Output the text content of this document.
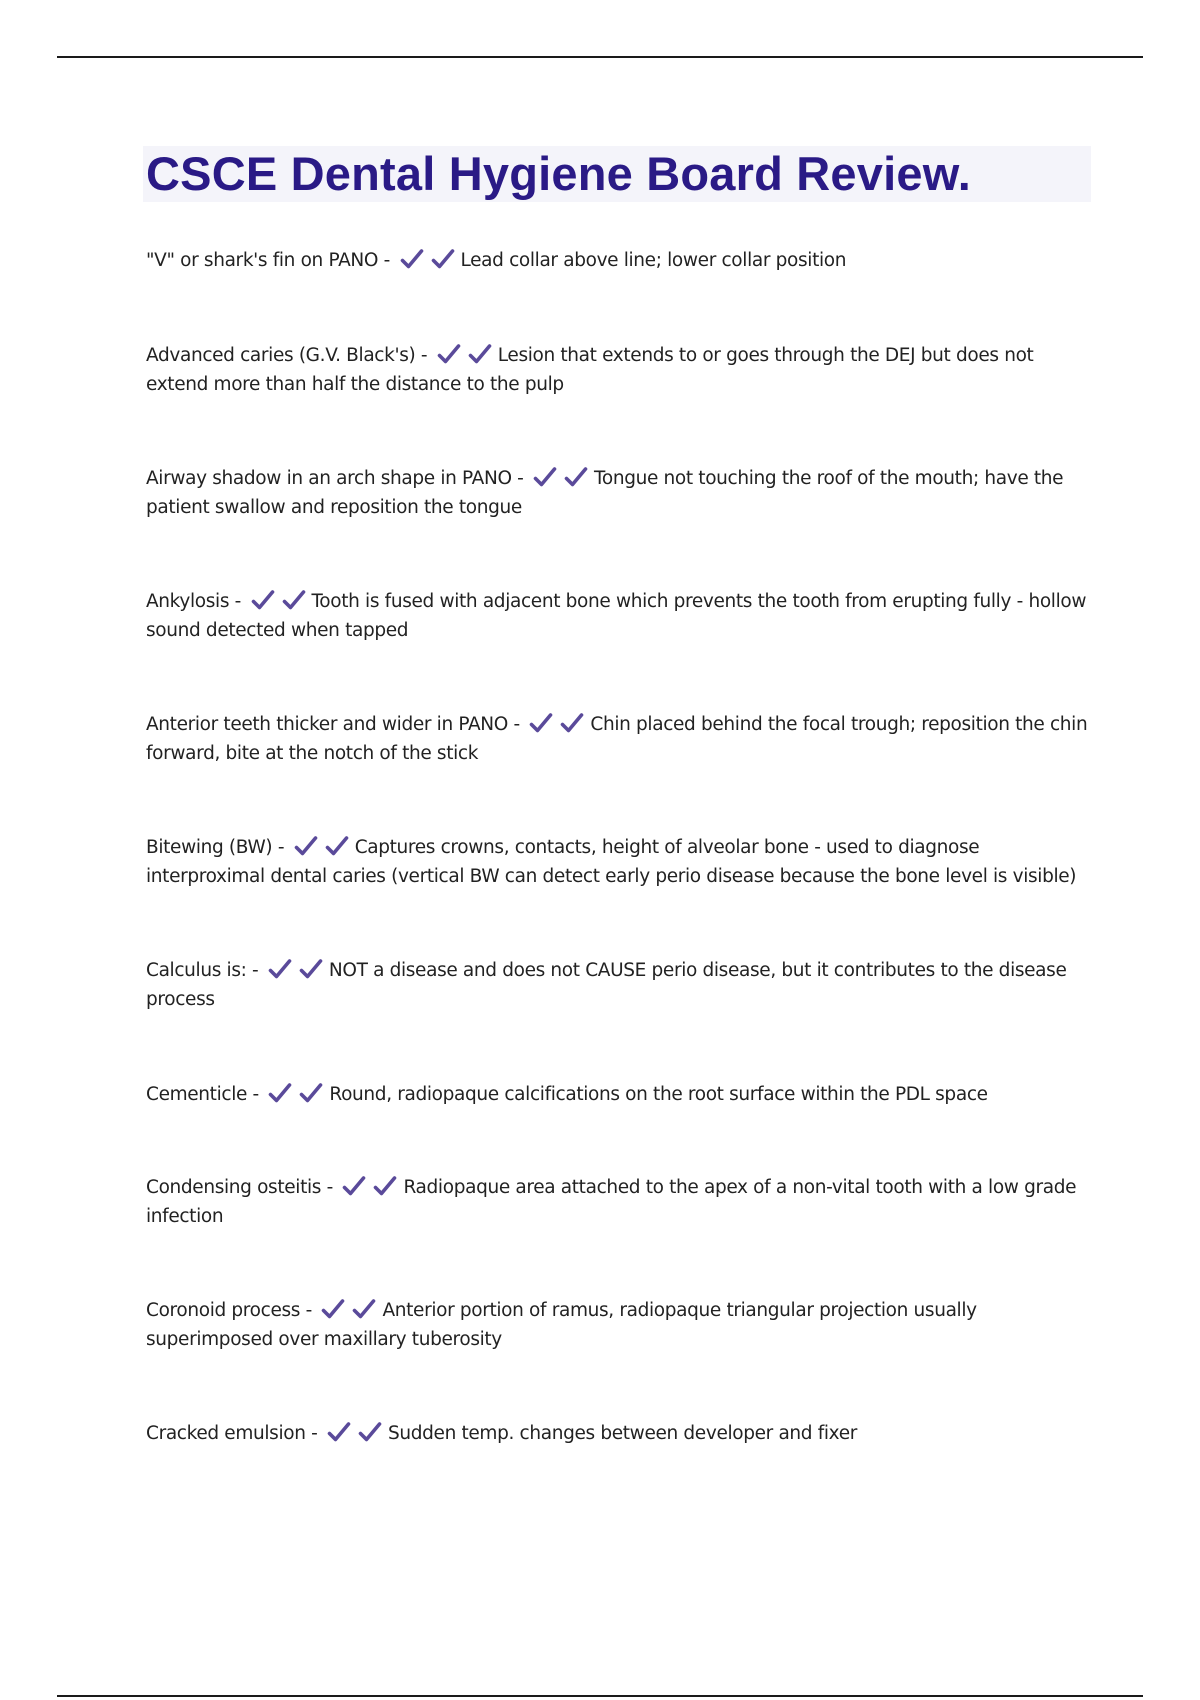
CSCE Dental Hygiene Board Review.

"V" or shark's fin on PANO -	Lead collar above line; lower collar position

Advanced caries (G.V. Black's) -	Lesion that extends to or goes through the DEJ but does not extend more than half the distance to the pulp

Airway shadow in an arch shape in PANO -	Tongue not touching the roof of the mouth; have the patient swallow and reposition the tongue

Ankylosis -	Tooth is fused with adjacent bone which prevents the tooth from erupting fully - hollow sound detected when tapped

Anterior teeth thicker and wider in PANO -	Chin placed behind the focal trough; reposition the chin forward, bite at the notch of the stick

Bitewing (BW) -	Captures crowns, contacts, height of alveolar bone - used to diagnose interproximal dental caries (vertical BW can detect early perio disease because the bone level is visible)

Calculus is: -	NOT a disease and does not CAUSE perio disease, but it contributes to the disease process

Cementicle -	Round, radiopaque calcifications on the root surface within the PDL space

Condensing osteitis -	Radiopaque area attached to the apex of a non-vital tooth with a low grade infection

Coronoid process -	Anterior portion of ramus, radiopaque triangular projection usually superimposed over maxillary tuberosity

Cracked emulsion -	Sudden temp. changes between developer and fixer
